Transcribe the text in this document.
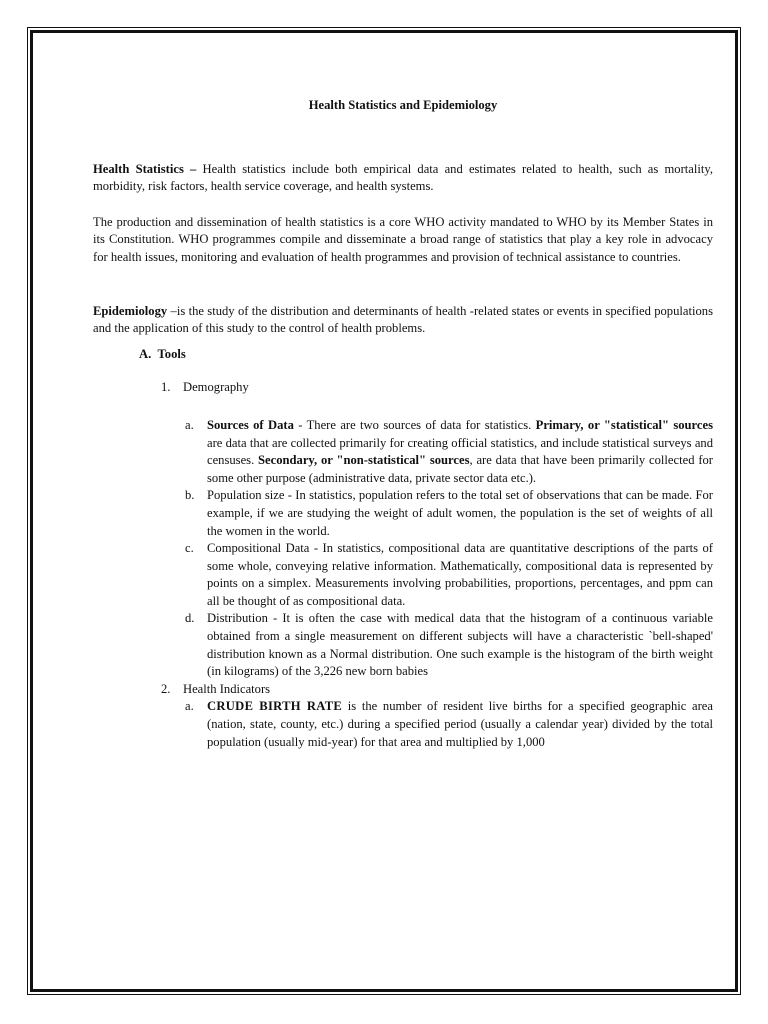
Health Statistics and Epidemiology

Health Statistics – Health statistics include both empirical data and estimates related to health, such as mortality, morbidity, risk factors, health service coverage, and health systems.

The production and dissemination of health statistics is a core WHO activity mandated to WHO by its Member States in its Constitution. WHO programmes compile and disseminate a broad range of statistics that play a key role in advocacy for health issues, monitoring and evaluation of health programmes and provision of technical assistance to countries.

Epidemiology –is the study of the distribution and determinants of health -related states or events in specified populations and the application of this study to the control of health problems.

A. Tools

1. Demography
a. Sources of Data - There are two sources of data for statistics. Primary, or "statistical" sources are data that are collected primarily for creating official statistics, and include statistical surveys and censuses. Secondary, or "non-statistical" sources, are data that have been primarily collected for some other purpose (administrative data, private sector data etc.).
b. Population size - In statistics, population refers to the total set of observations that can be made. For example, if we are studying the weight of adult women, the population is the set of weights of all the women in the world.
c. Compositional Data - In statistics, compositional data are quantitative descriptions of the parts of some whole, conveying relative information. Mathematically, compositional data is represented by points on a simplex. Measurements involving probabilities, proportions, percentages, and ppm can all be thought of as compositional data.
d. Distribution - It is often the case with medical data that the histogram of a continuous variable obtained from a single measurement on different subjects will have a characteristic `bell-shaped' distribution known as a Normal distribution. One such example is the histogram of the birth weight (in kilograms) of the 3,226 new born babies
2. Health Indicators
a. CRUDE BIRTH RATE is the number of resident live births for a specified geographic area (nation, state, county, etc.) during a specified period (usually a calendar year) divided by the total population (usually mid-year) for that area and multiplied by 1,000
